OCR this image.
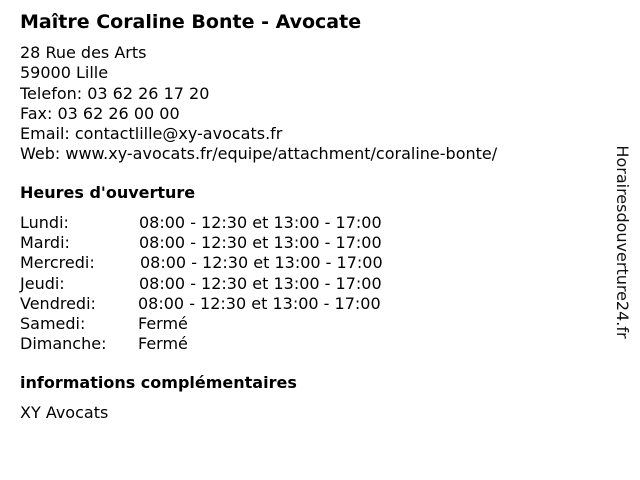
Maître Coraline Bonte - Avocate
28 Rue des Arts
59000 Lille
Telefon: 03 62 26 17 20
Fax: 03 62 26 00 00
Email: contactlille@xy-avocats.fr
Web: www.xy-avocats.fr/equipe/attachment/coraline-bonte/
Heures d'ouverture
Lundi:	08:00 - 12:30 et 13:00 - 17:00
Mardi:	08:00 - 12:30 et 13:00 - 17:00
Mercredi:	08:00 - 12:30 et 13:00 - 17:00
Jeudi:	08:00 - 12:30 et 13:00 - 17:00
Vendredi:	08:00 - 12:30 et 13:00 - 17:00
Samedi:	Fermé
Dimanche: Fermé
informations complémentaires
XY Avocats
Horairesdouverture24.fr
